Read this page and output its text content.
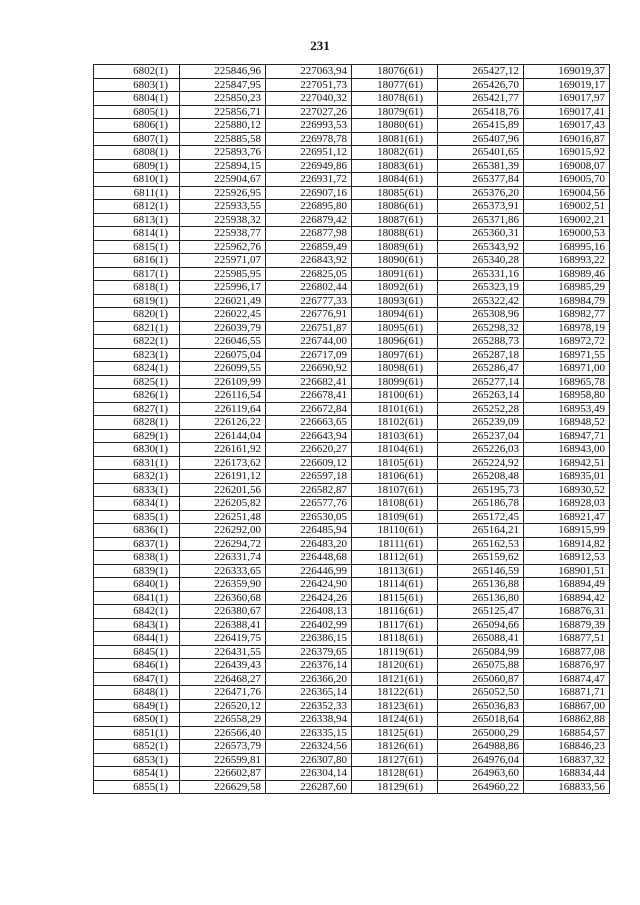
231
6802(1)	225846,96	227063,94	18076(61)	265427,12	169019,37
6803(1)	225847,95	227051,73	18077(61)	265426,70	169019,17
6804(1)	225850,23	227040,32	18078(61)	265421,77	169017,97
6805(1)	225856,71	227027,26	18079(61)	265418,76	169017,41
6806(1)	225880,12	226993,53	18080(61)	265415,89	169017,43
6807(1)	225885,58	226978,78	18081(61)	265407,96	169016,87
6808(1)	225893,76	226951,12	18082(61)	265401,65	169015,92
6809(1)	225894,15	226949,86	18083(61)	265381,39	169008,07
6810(1)	225904,67	226931,72	18084(61)	265377,84	169005,70
6811(1)	225926,95	226907,16	18085(61)	265376,20	169004,56
6812(1)	225933,55	226895,80	18086(61)	265373,91	169002,51
6813(1)	225938,32	226879,42	18087(61)	265371,86	169002,21
6814(1)	225938,77	226877,98	18088(61)	265360,31	169000,53
6815(1)	225962,76	226859,49	18089(61)	265343,92	168995,16
6816(1)	225971,07	226843,92	18090(61)	265340,28	168993,22
6817(1)	225985,95	226825,05	18091(61)	265331,16	168989,46
6818(1)	225996,17	226802,44	18092(61)	265323,19	168985,29
6819(1)	226021,49	226777,33	18093(61)	265322,42	168984,79
6820(1)	226022,45	226776,91	18094(61)	265308,96	168982,77
6821(1)	226039,79	226751,87	18095(61)	265298,32	168978,19
6822(1)	226046,55	226744,00	18096(61)	265288,73	168972,72
6823(1)	226075,04	226717,09	18097(61)	265287,18	168971,55
6824(1)	226099,55	226690,92	18098(61)	265286,47	168971,00
6825(1)	226109,99	226682,41	18099(61)	265277,14	168965,78
6826(1)	226116,54	226678,41	18100(61)	265263,14	168958,80
6827(1)	226119,64	226672,84	18101(61)	265252,28	168953,49
6828(1)	226126,22	226663,65	18102(61)	265239,09	168948,52
6829(1)	226144,04	226643,94	18103(61)	265237,04	168947,71
6830(1)	226161,92	226620,27	18104(61)	265226,03	168943,00
6831(1)	226173,62	226609,12	18105(61)	265224,92	168942,51
6832(1)	226191,12	226597,18	18106(61)	265208,48	168935,01
6833(1)	226201,56	226582,87	18107(61)	265195,73	168930,52
6834(1)	226205,82	226577,76	18108(61)	265186,78	168928,03
6835(1)	226251,48	226530,05	18109(61)	265172,45	168921,47
6836(1)	226292,00	226485,94	18110(61)	265164,21	168915,99
6837(1)	226294,72	226483,20	18111(61)	265162,53	168914,82
6838(1)	226331,74	226448,68	18112(61)	265159,62	168912,53
6839(1)	226333,65	226446,99	18113(61)	265146,59	168901,51
6840(1)	226359,90	226424,90	18114(61)	265136,88	168894,49
6841(1)	226360,68	226424,26	18115(61)	265136,80	168894,42
6842(1)	226380,67	226408,13	18116(61)	265125,47	168876,31
6843(1)	226388,41	226402,99	18117(61)	265094,66	168879,39
6844(1)	226419,75	226386,15	18118(61)	265088,41	168877,51
6845(1)	226431,55	226379,65	18119(61)	265084,99	168877,08
6846(1)	226439,43	226376,14	18120(61)	265075,88	168876,97
6847(1)	226468,27	226366,20	18121(61)	265060,87	168874,47
6848(1)	226471,76	226365,14	18122(61)	265052,50	168871,71
6849(1)	226520,12	226352,33	18123(61)	265036,83	168867,00
6850(1)	226558,29	226338,94	18124(61)	265018,64	168862,88
6851(1)	226566,40	226335,15	18125(61)	265000,29	168854,57
6852(1)	226573,79	226324,56	18126(61)	264988,86	168846,23
6853(1)	226599,81	226307,80	18127(61)	264976,04	168837,32
6854(1)	226602,87	226304,14	18128(61)	264963,60	168834,44
6855(1)	226629,58	226287,60	18129(61)	264960,22	168833,56
